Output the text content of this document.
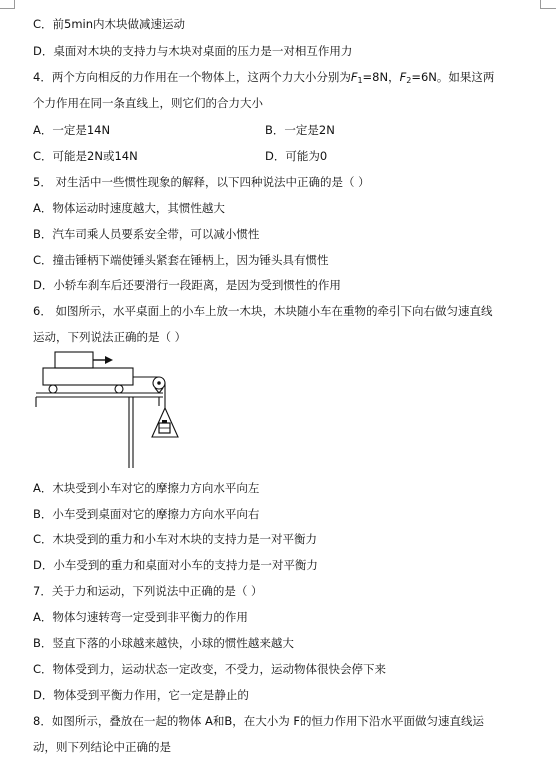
C．前5min内木块做减速运动
D．桌面对木块的支持力与木块对桌面的压力是一对相互作用力
4．两个方向相反的力作用在一个物体上，这两个力大小分别为$F_1=8N$，$F_2=6N$。如果这两
个力作用在同一条直线上，则它们的合力大小
A．一定是14N	B．一定是2N
C．可能是2N或14N	D．可能为0
5． 对生活中一些惯性现象的解释，以下四种说法中正确的是（ ）
A．物体运动时速度越大，其惯性越大
B．汽车司乘人员要系安全带，可以减小惯性
C．撞击锤柄下端使锤头紧套在锤柄上，因为锤头具有惯性
D．小轿车刹车后还要滑行一段距离，是因为受到惯性的作用
6． 如图所示，水平桌面上的小车上放一木块，木块随小车在重物的牵引下向右做匀速直线
运动，下列说法正确的是（ ）
A．木块受到小车对它的摩擦力方向水平向左
B．小车受到桌面对它的摩擦力方向水平向右
C．木块受到的重力和小车对木块的支持力是一对平衡力
D．小车受到的重力和桌面对小车的支持力是一对平衡力
7．关于力和运动，下列说法中正确的是（ ）
A．物体匀速转弯一定受到非平衡力的作用
B．竖直下落的小球越来越快，小球的惯性越来越大
C．物体受到力，运动状态一定改变，不受力，运动物体很快会停下来
D．物体受到平衡力作用，它一定是静止的
8．如图所示，叠放在一起的物体 A和B，在大小为 F的恒力作用下沿水平面做匀速直线运
动，则下列结论中正确的是
